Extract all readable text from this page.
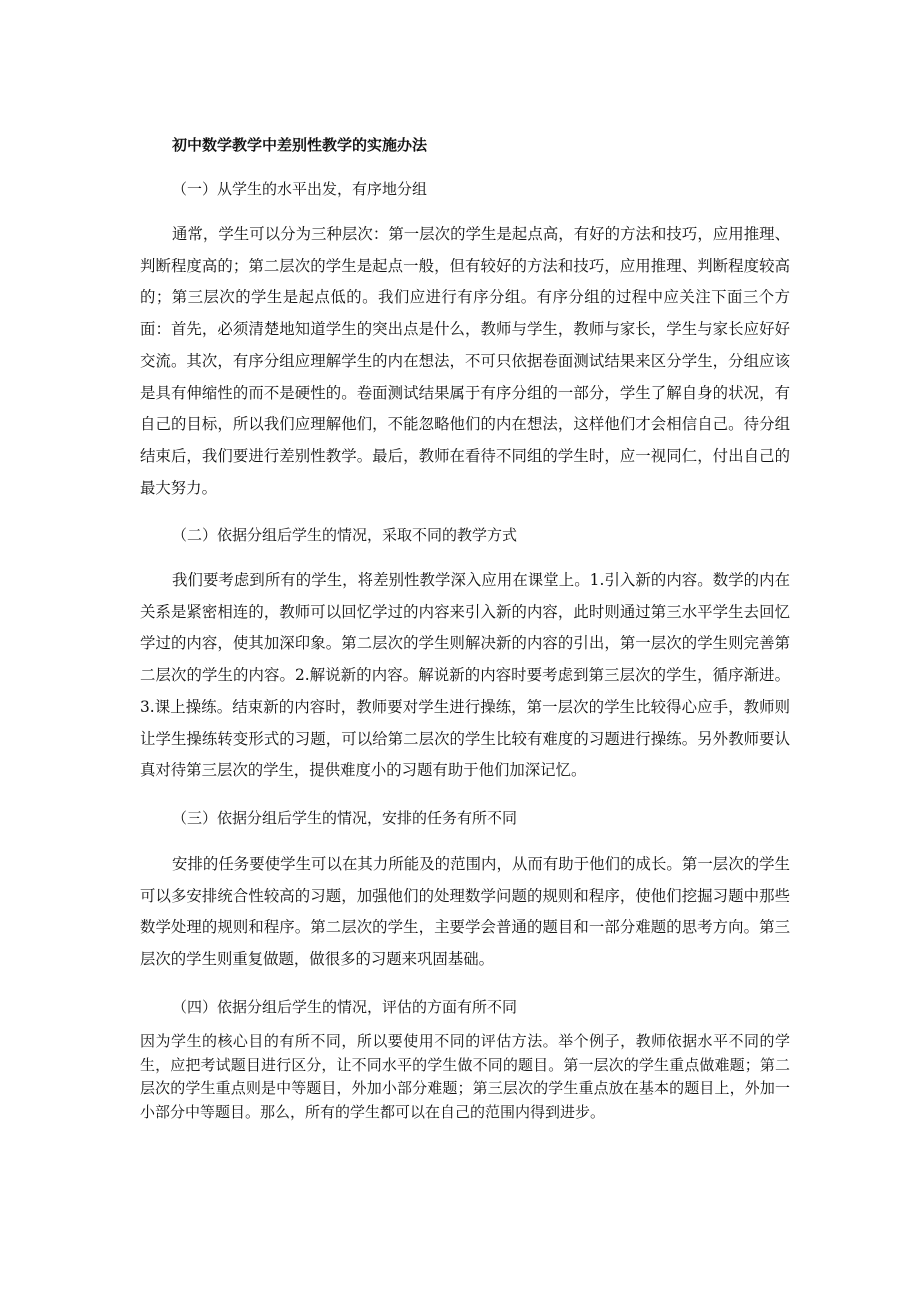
初中数学教学中差别性教学的实施办法
（一）从学生的水平出发，有序地分组

通常，学生可以分为三种层次：第一层次的学生是起点高，有好的方法和技巧，应用推理、判断程度高的；第二层次的学生是起点一般，但有较好的方法和技巧，应用推理、判断程度较高的；第三层次的学生是起点低的。我们应进行有序分组。有序分组的过程中应关注下面三个方面：首先，必须清楚地知道学生的突出点是什么，教师与学生，教师与家长，学生与家长应好好交流。其次，有序分组应理解学生的内在想法，不可只依据卷面测试结果来区分学生，分组应该是具有伸缩性的而不是硬性的。卷面测试结果属于有序分组的一部分，学生了解自身的状况，有自己的目标，所以我们应理解他们，不能忽略他们的内在想法，这样他们才会相信自己。待分组结束后，我们要进行差别性教学。最后，教师在看待不同组的学生时，应一视同仁，付出自己的最大努力。

（二）依据分组后学生的情况，采取不同的教学方式

我们要考虑到所有的学生，将差别性教学深入应用在课堂上。1.引入新的内容。数学的内在关系是紧密相连的，教师可以回忆学过的内容来引入新的内容，此时则通过第三水平学生去回忆学过的内容，使其加深印象。第二层次的学生则解决新的内容的引出，第一层次的学生则完善第二层次的学生的内容。2.解说新的内容。解说新的内容时要考虑到第三层次的学生，循序渐进。3.课上操练。结束新的内容时，教师要对学生进行操练，第一层次的学生比较得心应手，教师则让学生操练转变形式的习题，可以给第二层次的学生比较有难度的习题进行操练。另外教师要认真对待第三层次的学生，提供难度小的习题有助于他们加深记忆。

（三）依据分组后学生的情况，安排的任务有所不同

安排的任务要使学生可以在其力所能及的范围内，从而有助于他们的成长。第一层次的学生可以多安排统合性较高的习题，加强他们的处理数学问题的规则和程序，使他们挖掘习题中那些数学处理的规则和程序。第二层次的学生，主要学会普通的题目和一部分难题的思考方向。第三层次的学生则重复做题，做很多的习题来巩固基础。

（四）依据分组后学生的情况，评估的方面有所不同

因为学生的核心目的有所不同，所以要使用不同的评估方法。举个例子，教师依据水平不同的学生，应把考试题目进行区分，让不同水平的学生做不同的题目。第一层次的学生重点做难题；第二层次的学生重点则是中等题目，外加小部分难题；第三层次的学生重点放在基本的题目上，外加一小部分中等题目。那么，所有的学生都可以在自己的范围内得到进步。
